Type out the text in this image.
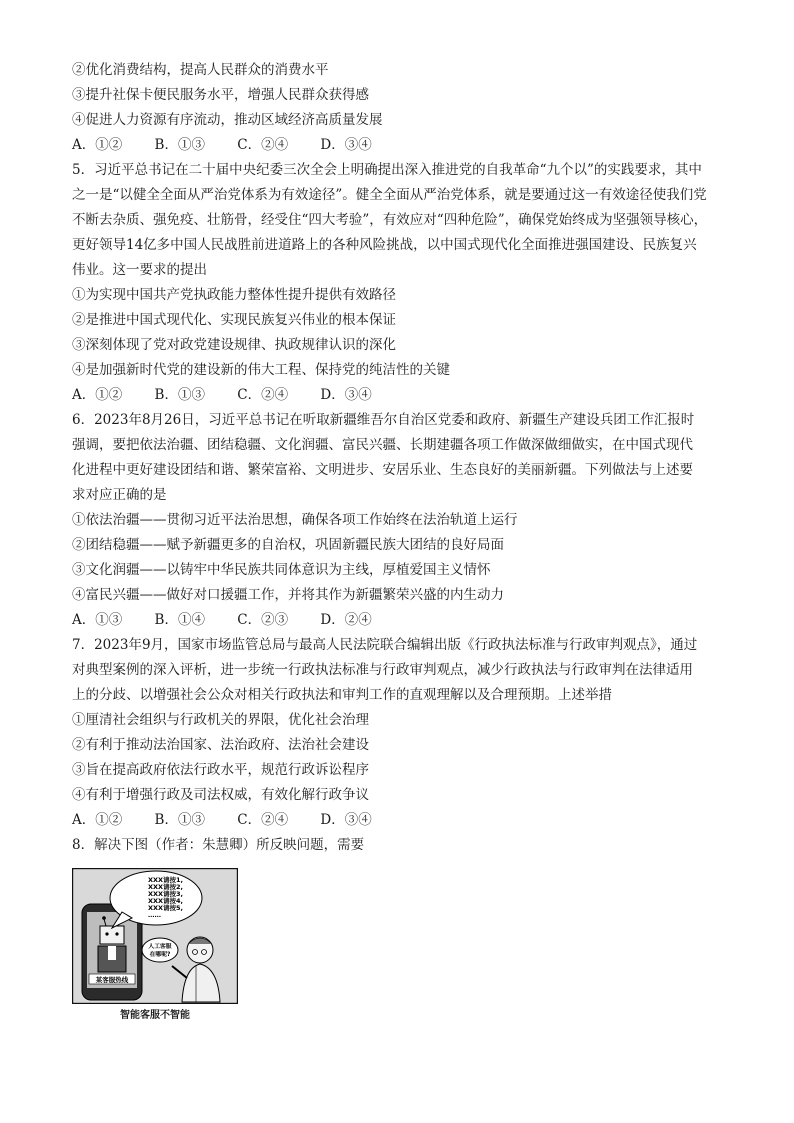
②优化消费结构，提高人民群众的消费水平
③提升社保卡便民服务水平，增强人民群众获得感
④促进人力资源有序流动，推动区域经济高质量发展
A．①② B．①③ C．②④ D．③④
5．习近平总书记在二十届中央纪委三次全会上明确提出深入推进党的自我革命“九个以”的实践要求，其中
之一是“以健全全面从严治党体系为有效途径”。健全全面从严治党体系，就是要通过这一有效途径使我们党
不断去杂质、强免疫、壮筋骨，经受住“四大考验”，有效应对“四种危险”，确保党始终成为坚强领导核心，
更好领导14亿多中国人民战胜前进道路上的各种风险挑战，以中国式现代化全面推进强国建设、民族复兴
伟业。这一要求的提出
①为实现中国共产党执政能力整体性提升提供有效路径
②是推进中国式现代化、实现民族复兴伟业的根本保证
③深刻体现了党对政党建设规律、执政规律认识的深化
④是加强新时代党的建设新的伟大工程、保持党的纯洁性的关键
A．①② B．①③ C．②④ D．③④
6．2023年8月26日，习近平总书记在听取新疆维吾尔自治区党委和政府、新疆生产建设兵团工作汇报时
强调，要把依法治疆、团结稳疆、文化润疆、富民兴疆、长期建疆各项工作做深做细做实，在中国式现代
化进程中更好建设团结和谐、繁荣富裕、文明进步、安居乐业、生态良好的美丽新疆。下列做法与上述要
求对应正确的是
①依法治疆——贯彻习近平法治思想，确保各项工作始终在法治轨道上运行
②团结稳疆——赋予新疆更多的自治权，巩固新疆民族大团结的良好局面
③文化润疆——以铸牢中华民族共同体意识为主线，厚植爱国主义情怀
④富民兴疆——做好对口援疆工作，并将其作为新疆繁荣兴盛的内生动力
A．①③ B．①④ C．②③ D．②④
7．2023年9月，国家市场监管总局与最高人民法院联合编辑出版《行政执法标准与行政审判观点》，通过
对典型案例的深入评析，进一步统一行政执法标准与行政审判观点，减少行政执法与行政审判在法律适用
上的分歧、以增强社会公众对相关行政执法和审判工作的直观理解以及合理预期。上述举措
①厘清社会组织与行政机关的界限，优化社会治理
②有利于推动法治国家、法治政府、法治社会建设
③旨在提高政府依法行政水平，规范行政诉讼程序
④有利于增强行政及司法权威，有效化解行政争议
A．①② B．①③ C．②④ D．③④
8．解决下图（作者：朱慧卿）所反映问题，需要
某客服热线
XXX请按1,
XXX请按2,
XXX请按3,
XXX请按4,
XXX请按5,
……
人工客服
在哪呢?
智能客服不智能
